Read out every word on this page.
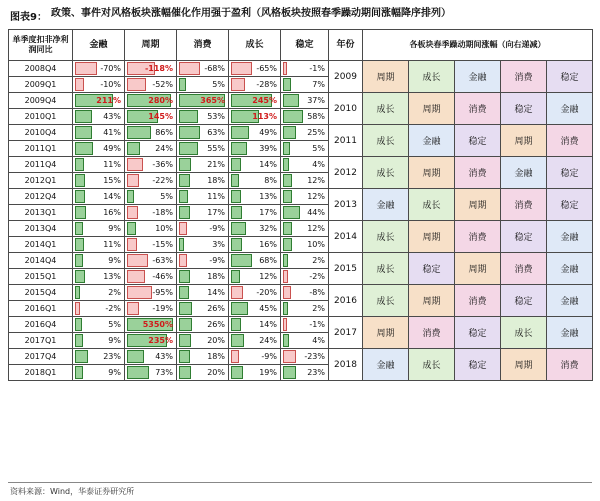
图表9： 政策、事件对风格板块涨幅催化作用强于盈利（风格板块按照春季躁动期间涨幅降序排列）
单季度扣非净利润同比	金融	周期	消费	成长	稳定	年份	各板块春季躁动期间涨幅（向右递减）				
2008Q4	-70%	-118%	-68%	-65%	-1%	2009	周期	成长	金融	消费	稳定

2009Q1	-10%	-52%	5%	-28%	7%						

2009Q4	211%	280%	365%	245%	37%	2010	成长	周期	消费	稳定	金融

2010Q1	43%	145%	53%	113%	58%						

2010Q4	41%	86%	63%	49%	25%	2011	成长	金融	稳定	周期	消费

2011Q1	49%	24%	55%	39%	5%						

2011Q4	11%	-36%	21%	14%	4%	2012	成长	周期	消费	金融	稳定

2012Q1	15%	-22%	18%	8%	12%						

2012Q4	14%	5%	11%	13%	12%	2013	金融	成长	周期	消费	稳定

2013Q1	16%	-18%	17%	17%	44%						

2013Q4	9%	10%	-9%	32%	12%	2014	成长	周期	消费	稳定	金融

2014Q1	11%	-15%	3%	16%	10%						

2014Q4	9%	-63%	-9%	68%	2%	2015	成长	稳定	周期	消费	金融

2015Q1	13%	-46%	18%	12%	-2%						

2015Q4	2%	-95%	14%	-20%	-8%	2016	成长	周期	消费	稳定	金融

2016Q1	-2%	-19%	26%	45%	2%						

2016Q4	5%	5350%	26%	14%	-1%	2017	周期	消费	稳定	成长	金融

2017Q1	9%	235%	20%	24%	4%						

2017Q4	23%	43%	18%	-9%	-23%	2018	金融	成长	稳定	周期	消费

2018Q1	9%	73%	20%	19%	23%						
资料来源：Wind，华泰证券研究所
